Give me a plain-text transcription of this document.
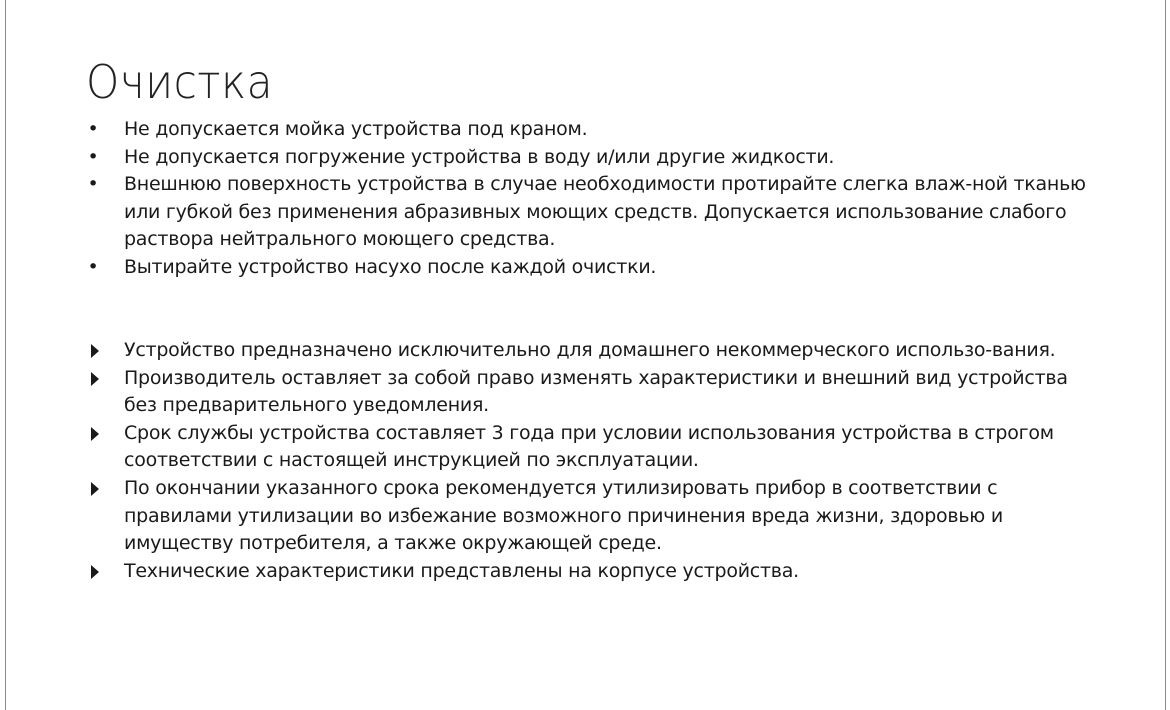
Очистка
• Не допускается мойка устройства под краном.
• Не допускается погружение устройства в воду и/или другие жидкости.
• Внешнюю поверхность устройства в случае необходимости протирайте слегка влаж-ной тканью или губкой без применения абразивных моющих средств. Допускается использование слабого раствора нейтрального моющего средства.
• Вытирайте устройство насухо после каждой очистки.
Устройство предназначено исключительно для домашнего некоммерческого использо-вания.
Производитель оставляет за собой право изменять характеристики и внешний вид устройства без предварительного уведомления.
Срок службы устройства составляет 3 года при условии использования устройства в строгом соответствии с настоящей инструкцией по эксплуатации.
По окончании указанного срока рекомендуется утилизировать прибор в соответствии с правилами утилизации во избежание возможного причинения вреда жизни, здоровью и имуществу потребителя, а также окружающей среде.
Технические характеристики представлены на корпусе устройства.
